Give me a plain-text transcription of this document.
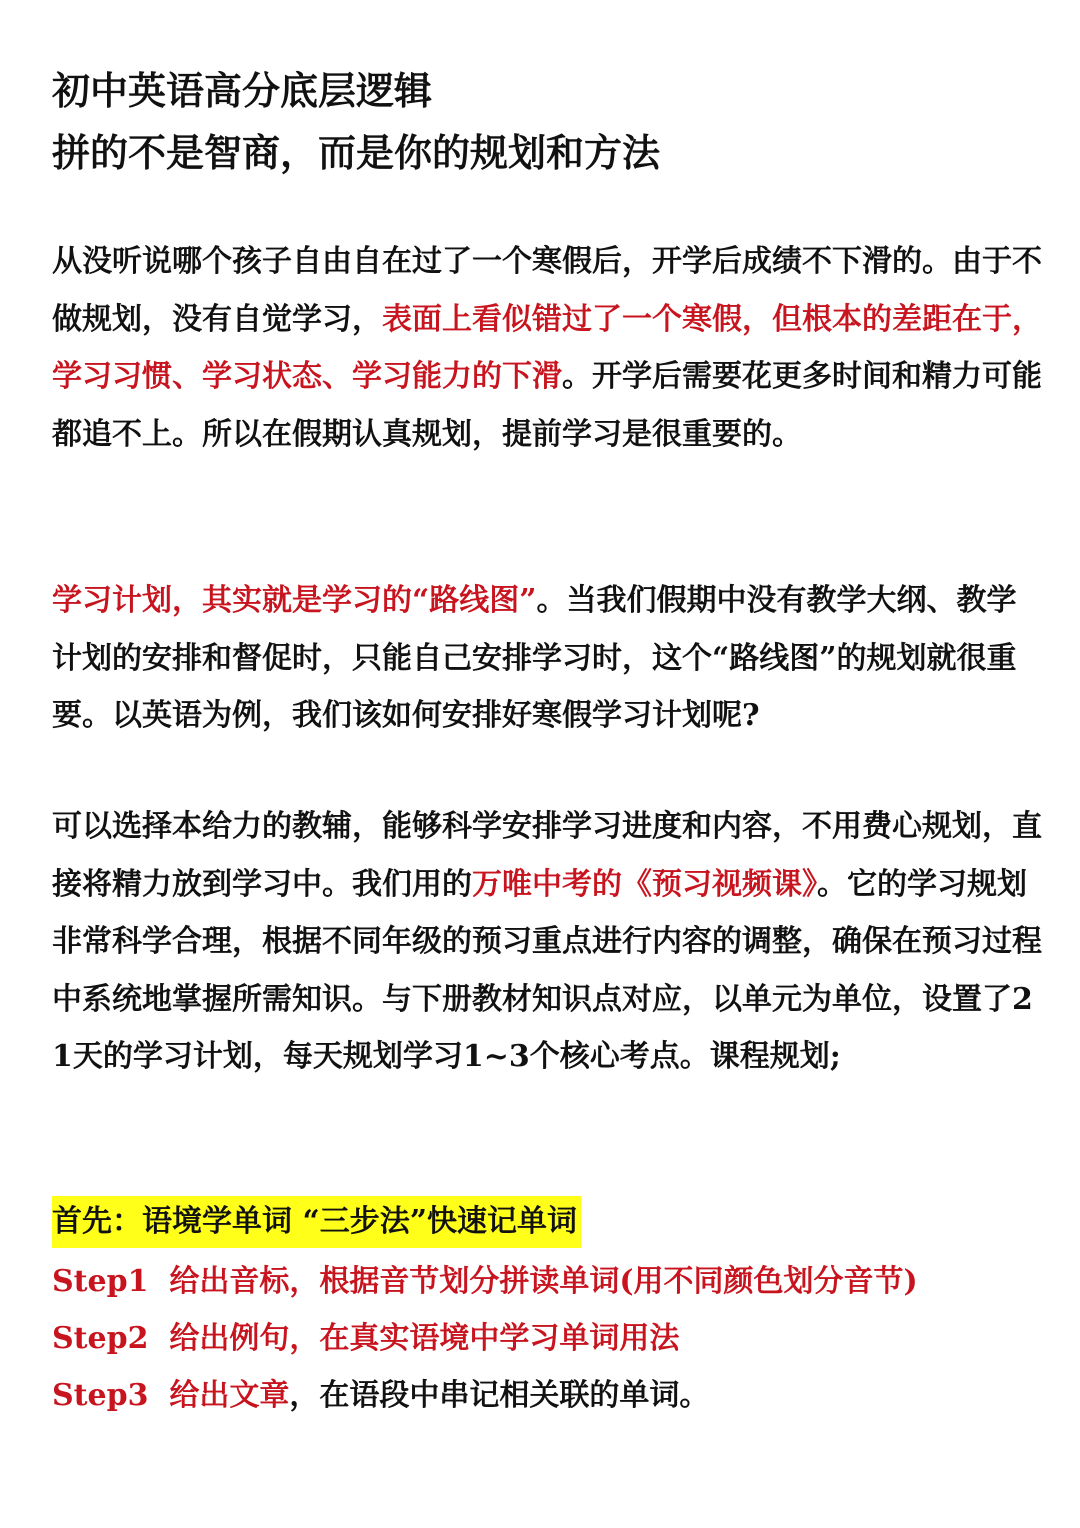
初中英语高分底层逻辑
拼的不是智商，而是你的规划和方法

从没听说哪个孩子自由自在过了一个寒假后，开学后成绩不下滑的。由于不做规划，没有自觉学习，表面上看似错过了一个寒假，但根本的差距在于，学习习惯、学习状态、学习能力的下滑。开学后需要花更多时间和精力可能都追不上。所以在假期认真规划，提前学习是很重要的。

学习计划，其实就是学习的“路线图”。当我们假期中没有教学大纲、教学计划的安排和督促时，只能自己安排学习时，这个“路线图”的规划就很重要。以英语为例，我们该如何安排好寒假学习计划呢?

可以选择本给力的教辅，能够科学安排学习进度和内容，不用费心规划，直接将精力放到学习中。我们用的万唯中考的《预习视频课》。它的学习规划非常科学合理，根据不同年级的预习重点进行内容的调整，确保在预习过程中系统地掌握所需知识。与下册教材知识点对应，以单元为单位，设置了21天的学习计划，每天规划学习1~3个核心考点。课程规划;

首先：语境学单词 “三步法”快速记单词
Step1 给出音标，根据音节划分拼读单词(用不同颜色划分音节)
Step2 给出例句，在真实语境中学习单词用法
Step3 给出文章，在语段中串记相关联的单词。
